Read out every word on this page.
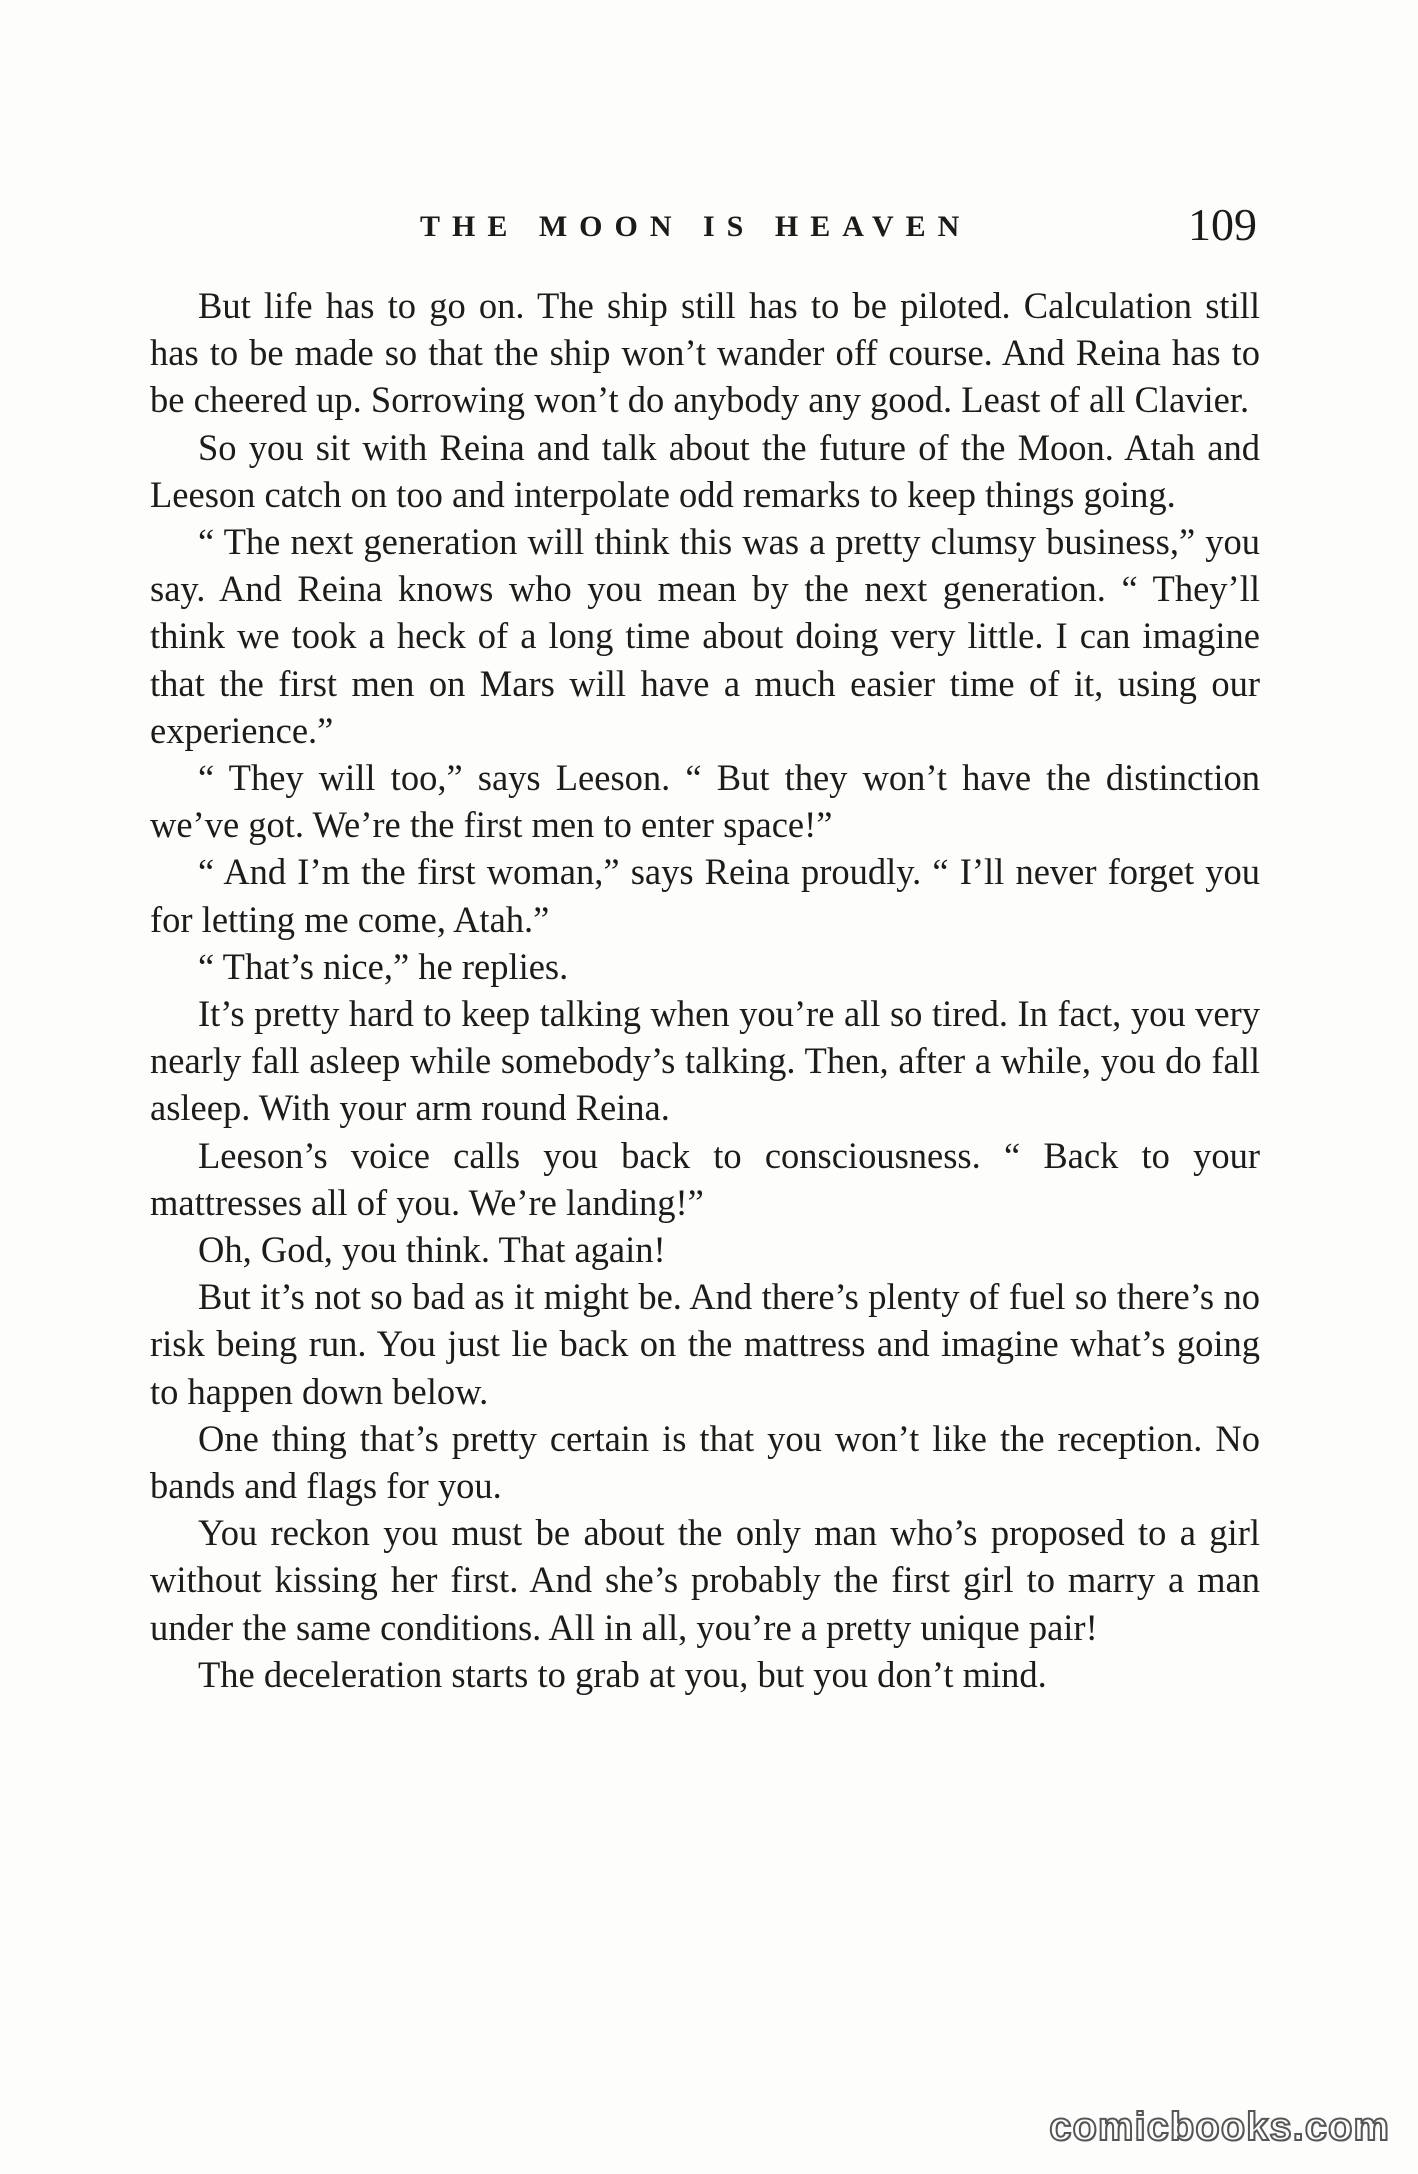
THE MOON IS HEAVEN	109

But life has to go on. The ship still has to be piloted. Calculation still has to be made so that the ship won’t wander off course. And Reina has to be cheered up. Sorrowing won’t do anybody any good. Least of all Clavier.

So you sit with Reina and talk about the future of the Moon. Atah and Leeson catch on too and interpolate odd remarks to keep things going.

“ The next generation will think this was a pretty clumsy business,” you say. And Reina knows who you mean by the next generation. “ They’ll think we took a heck of a long time about doing very little. I can imagine that the first men on Mars will have a much easier time of it, using our experience.”

“ They will too,” says Leeson. “ But they won’t have the distinction we’ve got. We’re the first men to enter space!”

“ And I’m the first woman,” says Reina proudly. “ I’ll never forget you for letting me come, Atah.”

“ That’s nice,” he replies.

It’s pretty hard to keep talking when you’re all so tired. In fact, you very nearly fall asleep while somebody’s talking. Then, after a while, you do fall asleep. With your arm round Reina.

Leeson’s voice calls you back to consciousness. “ Back to your mattresses all of you. We’re landing!”

Oh, God, you think. That again!

But it’s not so bad as it might be. And there’s plenty of fuel so there’s no risk being run. You just lie back on the mattress and imagine what’s going to happen down below.

One thing that’s pretty certain is that you won’t like the reception. No bands and flags for you.

You reckon you must be about the only man who’s proposed to a girl without kissing her first. And she’s probably the first girl to marry a man under the same conditions. All in all, you’re a pretty unique pair!

The deceleration starts to grab at you, but you don’t mind.

comicbooks.com
